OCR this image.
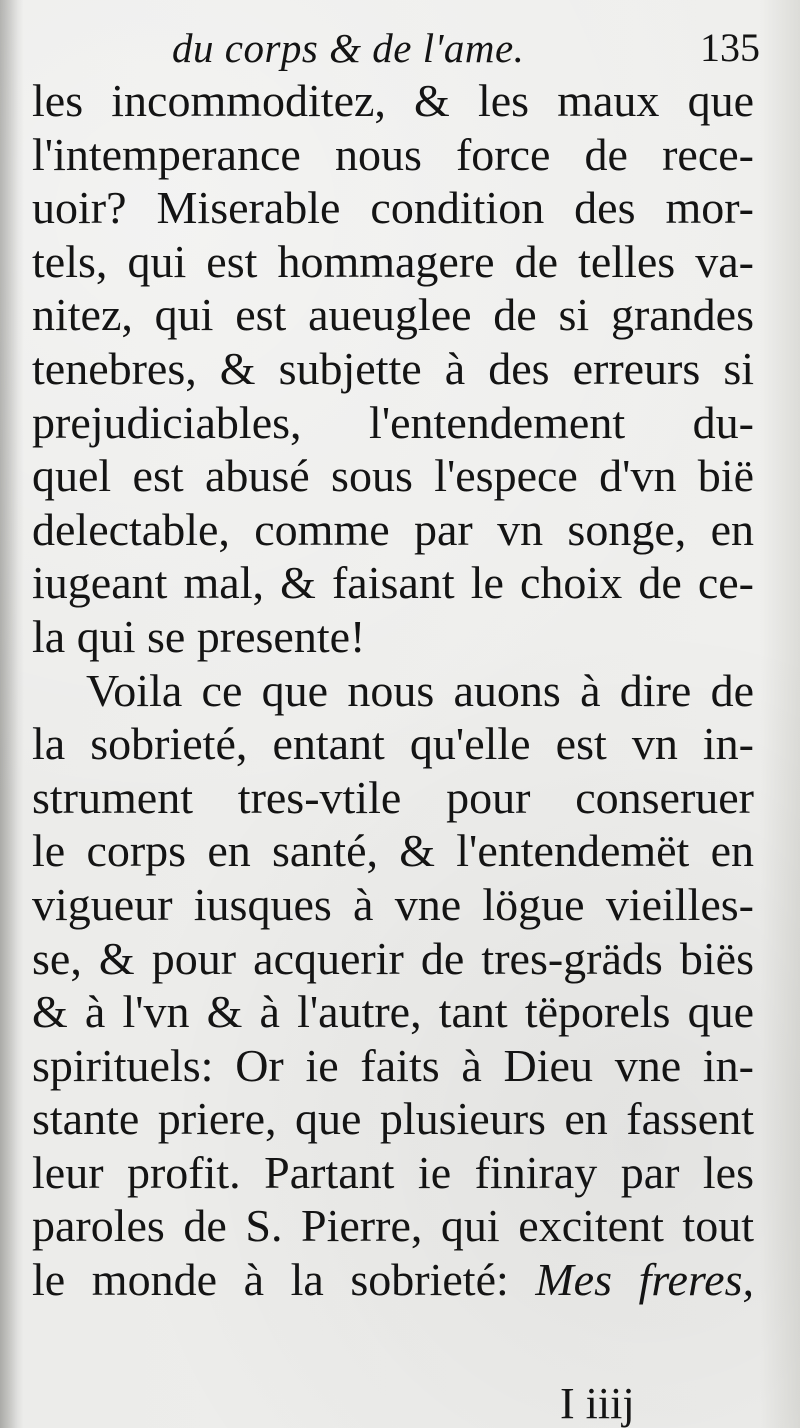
du corps & de l'ame.	135
les incommoditez, & les maux que
l'intemperance nous force de rece-
uoir? Miserable condition des mor-
tels, qui est hommagere de telles va-
nitez, qui est aueuglee de si grandes
tenebres, & subjette à des erreurs si
prejudiciables, l'entendement du-
quel est abusé sous l'espece d'vn bië
delectable, comme par vn songe, en
iugeant mal, & faisant le choix de ce-
la qui se presente!
Voila ce que nous auons à dire de
la sobrieté, entant qu'elle est vn in-
strument tres-vtile pour conseruer
le corps en santé, & l'entendemët en
vigueur iusques à vne lögue vieilles-
se, & pour acquerir de tres-gräds biës
& à l'vn & à l'autre, tant tëporels que
spirituels: Or ie faits à Dieu vne in-
stante priere, que plusieurs en fassent
leur profit. Partant ie finiray par les
paroles de S. Pierre, qui excitent tout
le monde à la sobrieté: Mes freres,
I iiij
